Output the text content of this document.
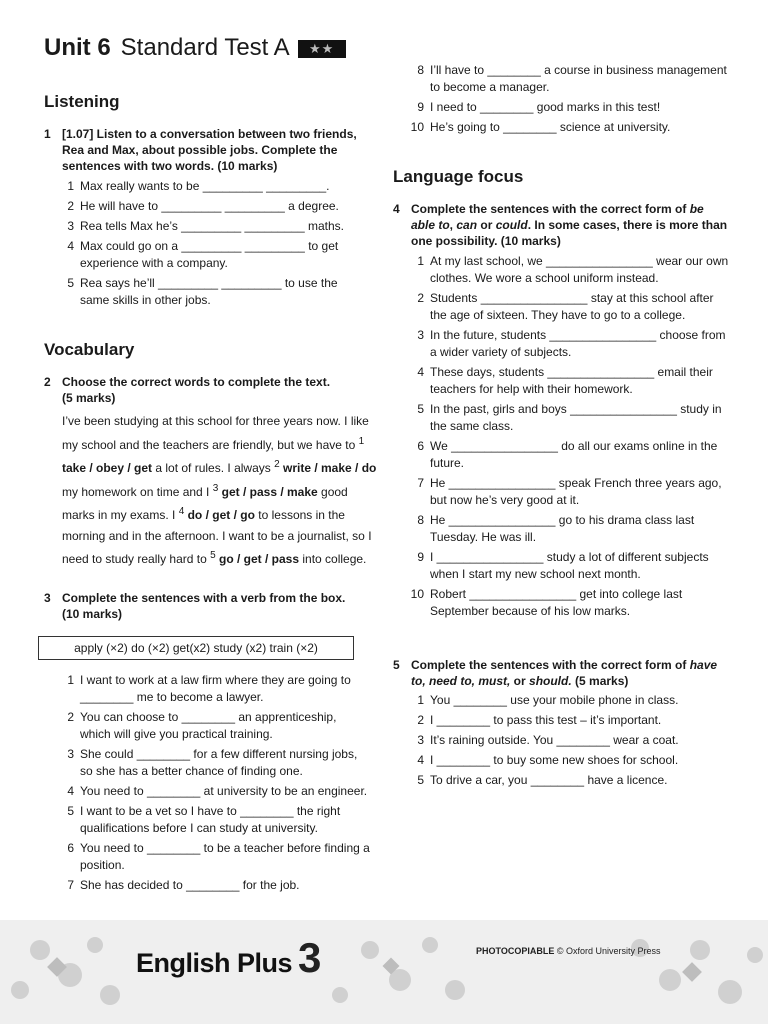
Unit 6 Standard Test A ★★
Listening
1 [1.07] Listen to a conversation between two friends, Rea and Max, about possible jobs. Complete the sentences with two words. (10 marks)
1 Max really wants to be _________ _________.
2 He will have to _________ _________ a degree.
3 Rea tells Max he’s _________ _________ maths.
4 Max could go on a _________ _________ to get experience with a company.
5 Rea says he’ll _________ _________ to use the same skills in other jobs.
Vocabulary
2 Choose the correct words to complete the text.
(5 marks)
I’ve been studying at this school for three years now. I like my school and the teachers are friendly, but we have to $^1$ take / obey / get a lot of rules. I always $^2$ write / make / do my homework on time and I $^3$ get / pass / make good marks in my exams. I $^4$ do / get / go to lessons in the morning and in the afternoon. I want to be a journalist, so I need to study really hard to $^5$ go / get / pass into college.
3 Complete the sentences with a verb from the box.
(10 marks)
apply (×2) do (×2) get(x2) study (x2) train (×2)
1 I want to work at a law firm where they are going to ________ me to become a lawyer.
2 You can choose to ________ an apprenticeship, which will give you practical training.
3 She could ________ for a few different nursing jobs, so she has a better chance of finding one.
4 You need to ________ at university to be an engineer.
5 I want to be a vet so I have to ________ the right qualifications before I can study at university.
6 You need to ________ to be a teacher before finding a position.
7 She has decided to ________ for the job.
8 I’ll have to ________ a course in business management to become a manager.
9 I need to ________ good marks in this test!
10 He’s going to ________ science at university.
Language focus
4 Complete the sentences with the correct form of be able to, can or could. In some cases, there is more than one possibility. (10 marks)
1 At my last school, we ________________ wear our own clothes. We wore a school uniform instead.
2 Students ________________ stay at this school after the age of sixteen. They have to go to a college.
3 In the future, students ________________ choose from a wider variety of subjects.
4 These days, students ________________ email their teachers for help with their homework.
5 In the past, girls and boys ________________ study in the same class.
6 We ________________ do all our exams online in the future.
7 He ________________ speak French three years ago, but now he’s very good at it.
8 He ________________ go to his drama class last Tuesday. He was ill.
9 I ________________ study a lot of different subjects when I start my new school next month.
10 Robert ________________ get into college last September because of his low marks.
5 Complete the sentences with the correct form of have to, need to, must, or should. (5 marks)
1 You ________ use your mobile phone in class.
2 I ________ to pass this test – it’s important.
3 It’s raining outside. You ________ wear a coat.
4 I ________ to buy some new shoes for school.
5 To drive a car, you ________ have a licence.
English Plus 3	PHOTOCOPIABLE © Oxford University Press
